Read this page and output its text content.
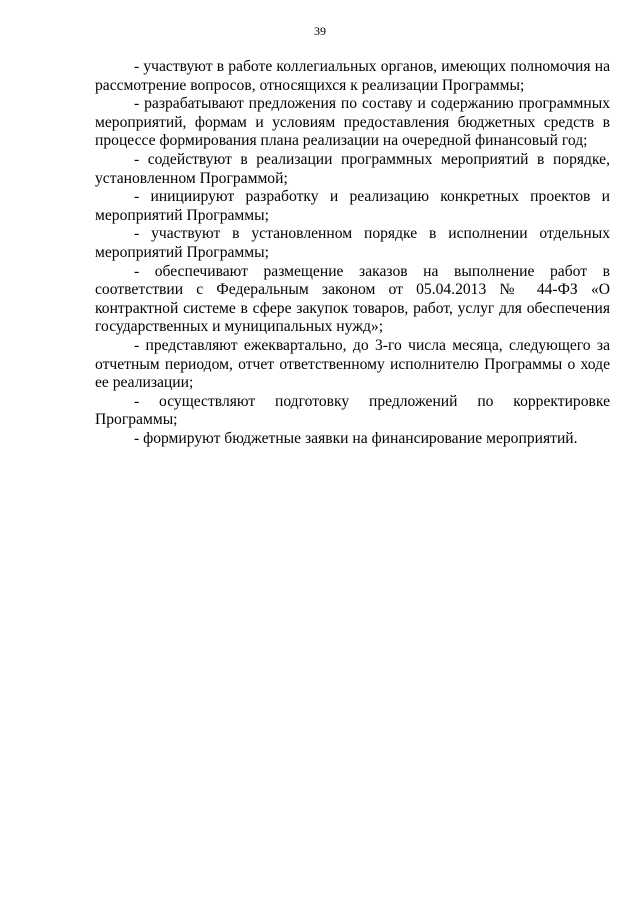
39

- участвуют в работе коллегиальных органов, имеющих полномочия на рассмотрение вопросов, относящихся к реализации Программы;

- разрабатывают предложения по составу и содержанию программных мероприятий, формам и условиям предоставления бюджетных средств в процессе формирования плана реализации на очередной финансовый год;

- содействуют в реализации программных мероприятий в порядке, установленном Программой;

- инициируют разработку и реализацию конкретных проектов и мероприятий Программы;

- участвуют в установленном порядке в исполнении отдельных мероприятий Программы;

- обеспечивают размещение заказов на выполнение работ в соответствии с Федеральным законом от 05.04.2013 № 44-ФЗ «О контрактной системе в сфере закупок товаров, работ, услуг для обеспечения государственных и муниципальных нужд»;

- представляют ежеквартально, до 3-го числа месяца, следующего за отчетным периодом, отчет ответственному исполнителю Программы о ходе ее реализации;

- осуществляют подготовку предложений по корректировке Программы;

- формируют бюджетные заявки на финансирование мероприятий.
